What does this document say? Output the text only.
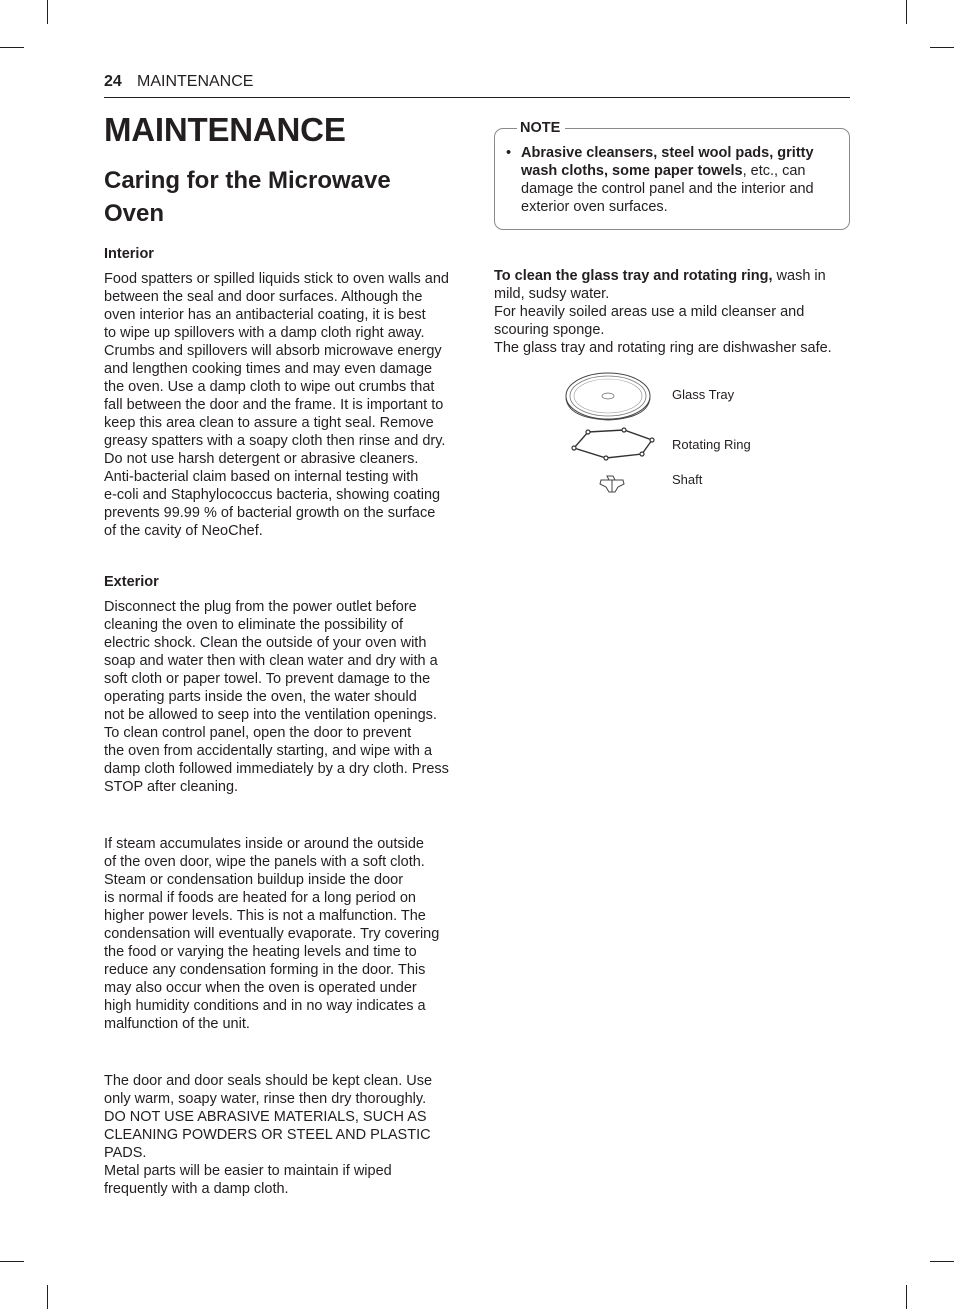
24 MAINTENANCE
MAINTENANCE
Caring for the Microwave
Oven
Interior

Food spatters or spilled liquids stick to oven walls and
between the seal and door surfaces. Although the
oven interior has an antibacterial coating, it is best
to wipe up spillovers with a damp cloth right away.
Crumbs and spillovers will absorb microwave energy
and lengthen cooking times and may even damage
the oven. Use a damp cloth to wipe out crumbs that
fall between the door and the frame. It is important to
keep this area clean to assure a tight seal. Remove
greasy spatters with a soapy cloth then rinse and dry.
Do not use harsh detergent or abrasive cleaners.
Anti-bacterial claim based on internal testing with
e-coli and Staphylococcus bacteria, showing coating
prevents 99.99 % of bacterial growth on the surface
of the cavity of NeoChef.

Exterior

Disconnect the plug from the power outlet before
cleaning the oven to eliminate the possibility of
electric shock. Clean the outside of your oven with
soap and water then with clean water and dry with a
soft cloth or paper towel. To prevent damage to the
operating parts inside the oven, the water should
not be allowed to seep into the ventilation openings.
To clean control panel, open the door to prevent
the oven from accidentally starting, and wipe with a
damp cloth followed immediately by a dry cloth. Press
STOP after cleaning.

If steam accumulates inside or around the outside
of the oven door, wipe the panels with a soft cloth.
Steam or condensation buildup inside the door
is normal if foods are heated for a long period on
higher power levels. This is not a malfunction. The
condensation will eventually evaporate. Try covering
the food or varying the heating levels and time to
reduce any condensation forming in the door. This
may also occur when the oven is operated under
high humidity conditions and in no way indicates a
malfunction of the unit.

The door and door seals should be kept clean. Use
only warm, soapy water, rinse then dry thoroughly.
DO NOT USE ABRASIVE MATERIALS, SUCH AS
CLEANING POWDERS OR STEEL AND PLASTIC
PADS.
Metal parts will be easier to maintain if wiped
frequently with a damp cloth.

NOTE
• Abrasive cleansers, steel wool pads, gritty
wash cloths, some paper towels, etc., can
damage the control panel and the interior and
exterior oven surfaces.
To clean the glass tray and rotating ring, wash in
mild, sudsy water.
For heavily soiled areas use a mild cleanser and
scouring sponge.
The glass tray and rotating ring are dishwasher safe.
Glass Tray
Rotating Ring
Shaft
